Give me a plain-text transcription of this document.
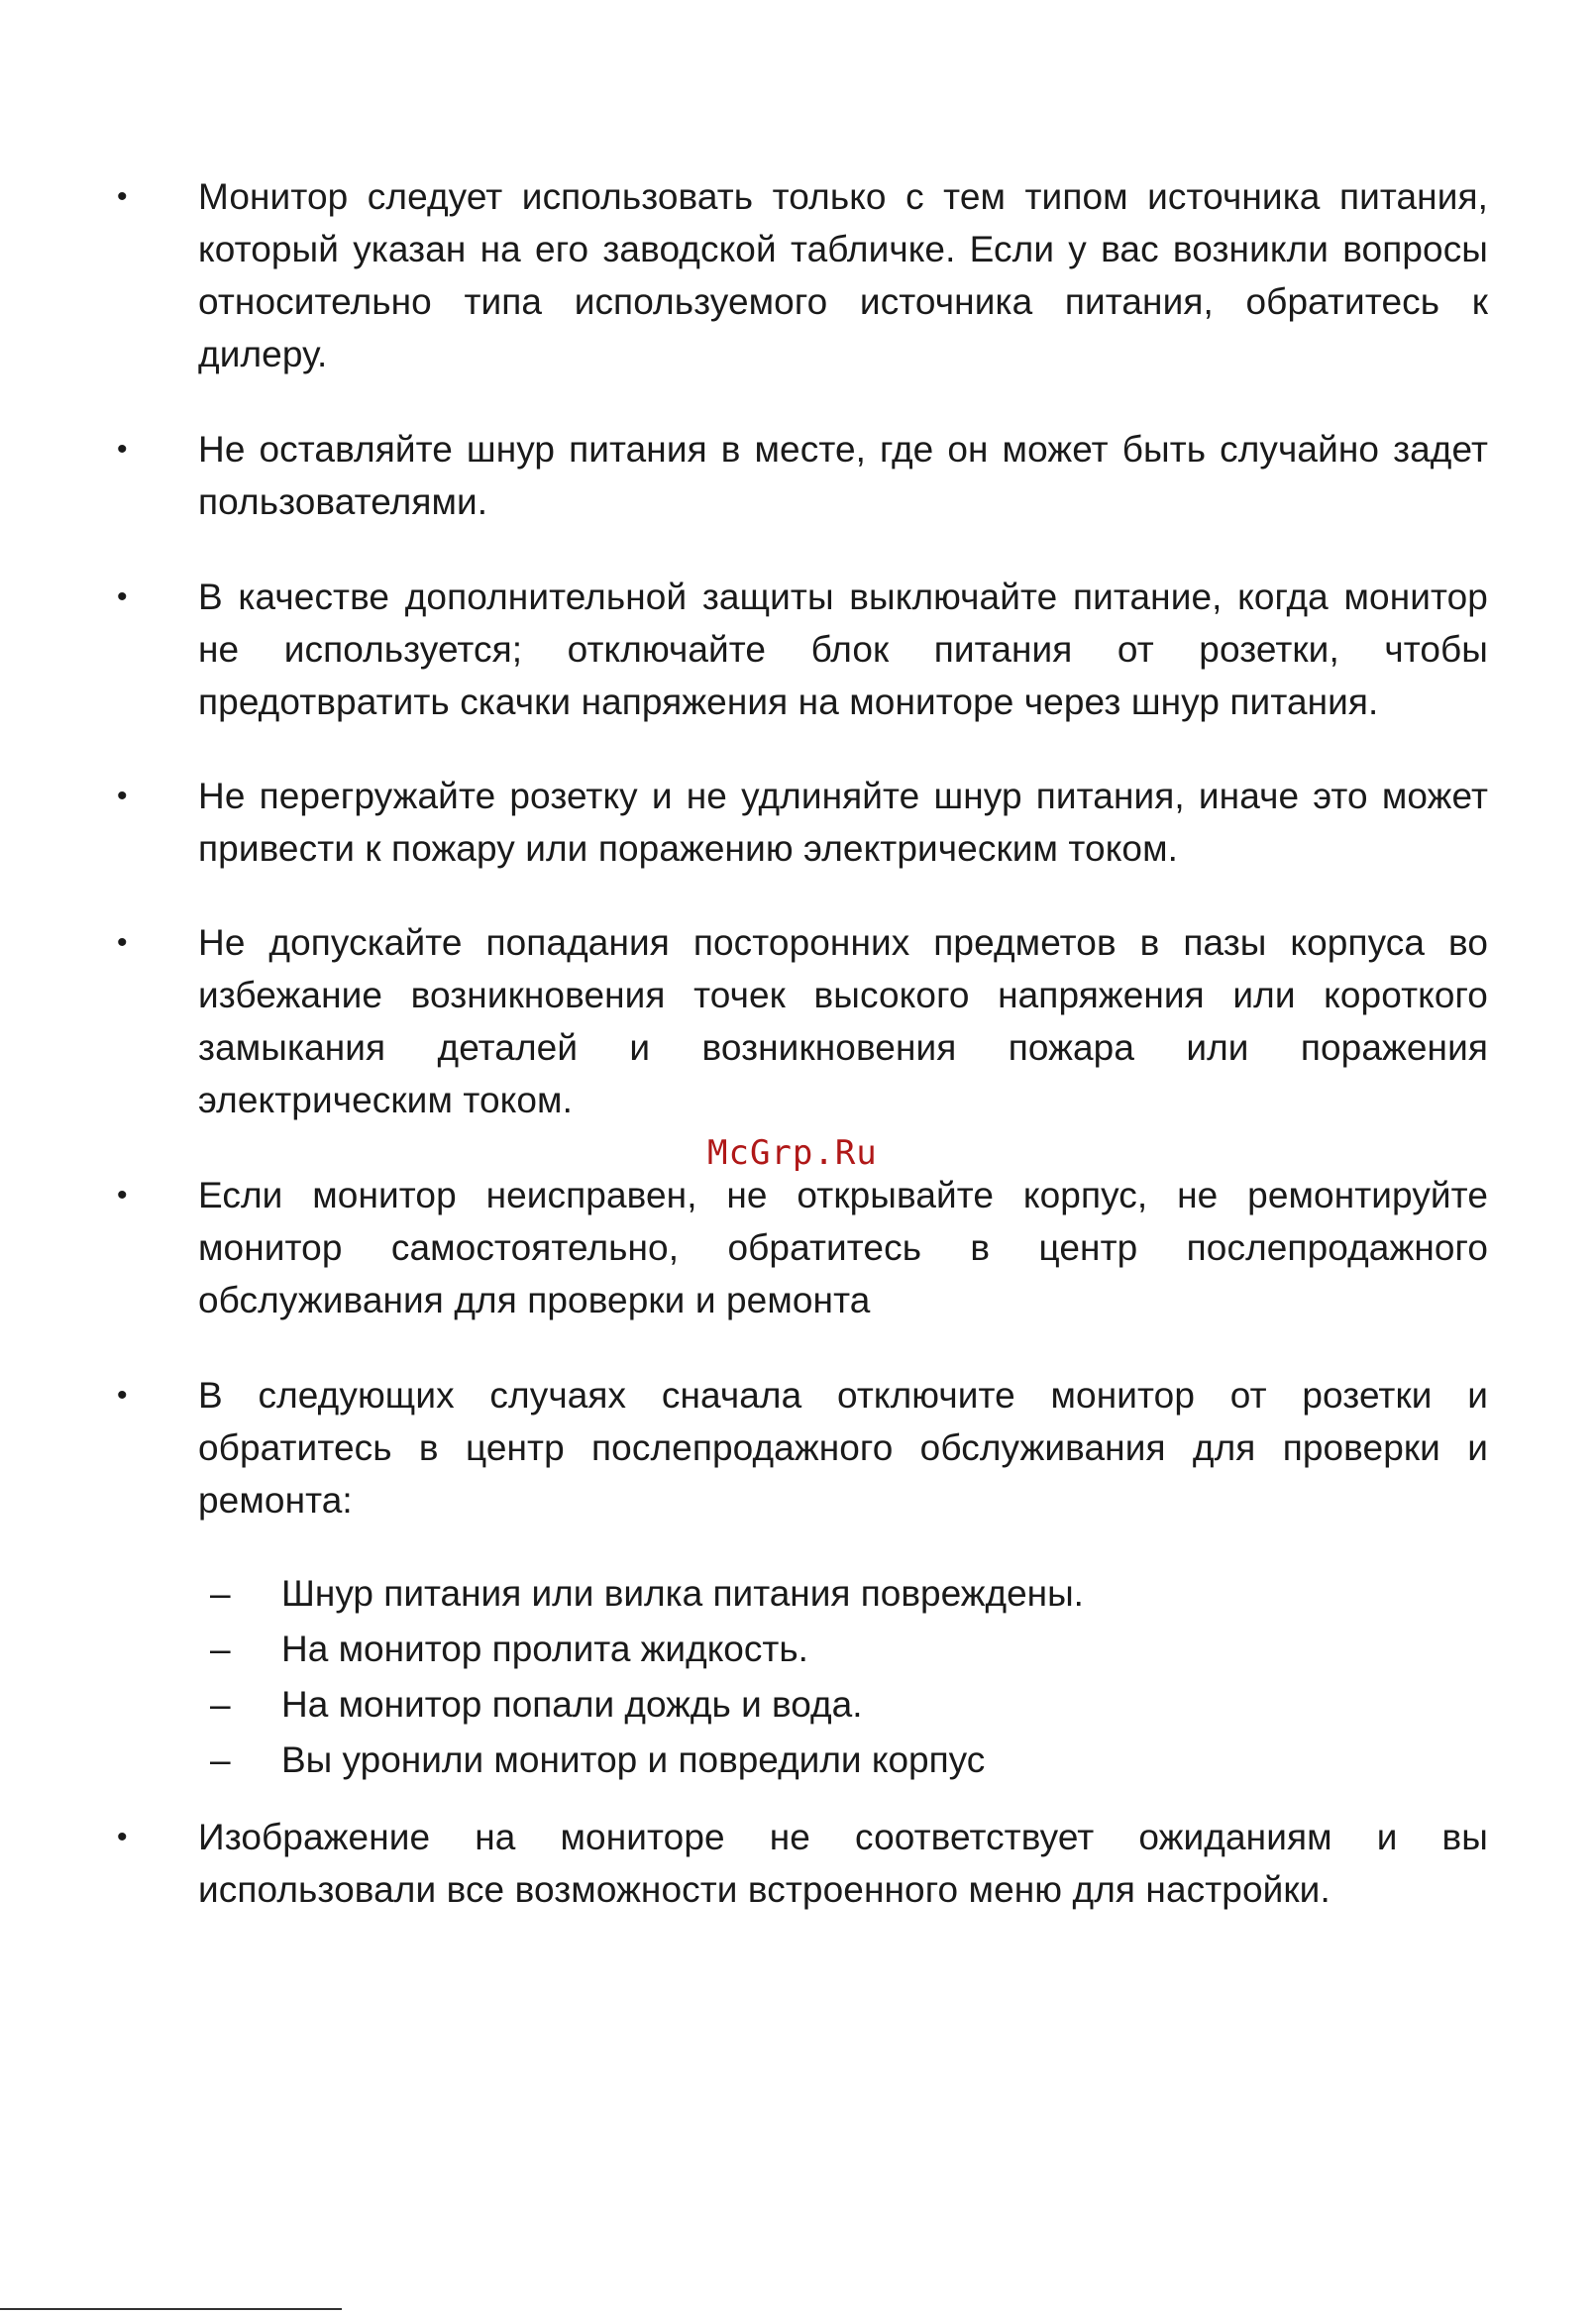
•	Монитор следует использовать только с тем типом источника питания, который указан на его заводской табличке. Если у вас возникли вопросы относительно типа используемого источника питания, обратитесь к дилеру.
•	Не оставляйте шнур питания в месте, где он может быть случайно задет пользователями.
•	В качестве дополнительной защиты выключайте питание, когда монитор не используется; отключайте блок питания от розетки, чтобы предотвратить скачки напряжения на мониторе через шнур питания.
•	Не перегружайте розетку и не удлиняйте шнур питания, иначе это может привести к пожару или поражению электрическим током.
•	Не допускайте попадания посторонних предметов в пазы корпуса во избежание возникновения точек высокого напряжения или короткого замыкания деталей и возникновения пожара или поражения электрическим током.
McGrp.Ru
•	Если монитор неисправен, не открывайте корпус, не ремонтируйте монитор самостоятельно, обратитесь в центр послепродажного обслуживания для проверки и ремонта
•	В следующих случаях сначала отключите монитор от розетки и обратитесь в центр послепродажного обслуживания для проверки и ремонта:
–	Шнур питания или вилка питания повреждены.
–	На монитор пролита жидкость.
–	На монитор попали дождь и вода.
–	Вы уронили монитор и повредили корпус
•	Изображение на мониторе не соответствует ожиданиям и вы использовали все возможности встроенного меню для настройки.
